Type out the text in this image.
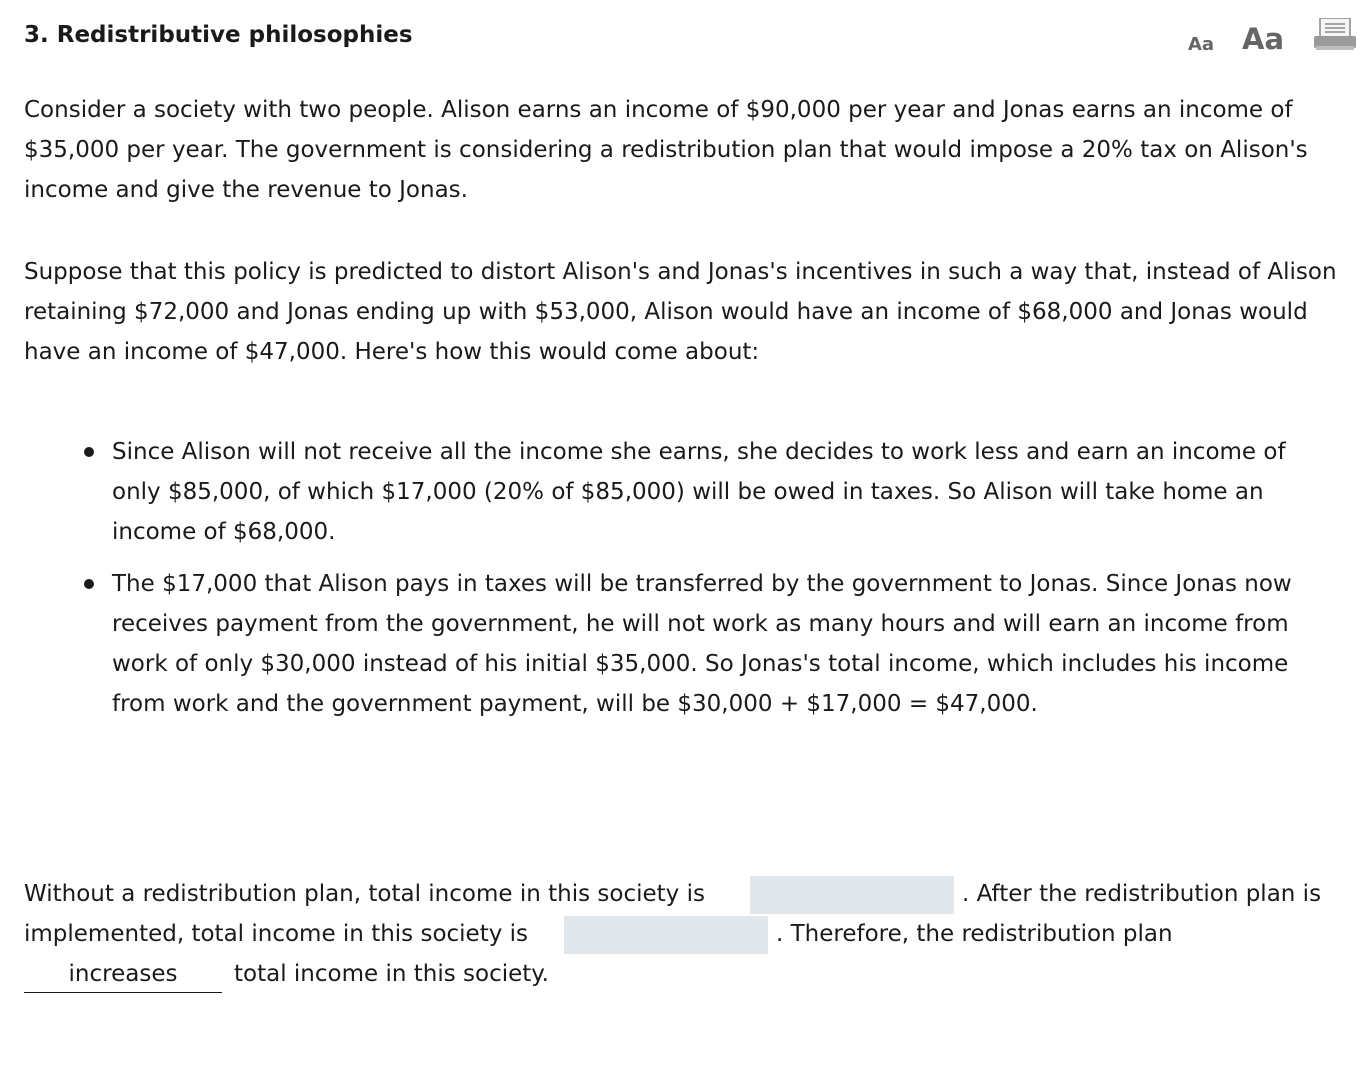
3. Redistributive philosophies	Aa Aa

Consider a society with two people. Alison earns an income of $90,000 per year and Jonas earns an income of $35,000 per year. The government is considering a redistribution plan that would impose a 20% tax on Alison's income and give the revenue to Jonas.

Suppose that this policy is predicted to distort Alison's and Jonas's incentives in such a way that, instead of Alison retaining $72,000 and Jonas ending up with $53,000, Alison would have an income of $68,000 and Jonas would have an income of $47,000. Here's how this would come about:

Since Alison will not receive all the income she earns, she decides to work less and earn an income of only $85,000, of which $17,000 (20% of $85,000) will be owed in taxes. So Alison will take home an income of $68,000.
The $17,000 that Alison pays in taxes will be transferred by the government to Jonas. Since Jonas now receives payment from the government, he will not work as many hours and will earn an income from work of only $30,000 instead of his initial $35,000. So Jonas's total income, which includes his income from work and the government payment, will be $30,000 + $17,000 = $47,000.
Without a redistribution plan, total income in this society is	. After the redistribution plan is
implemented, total income in this society is	. Therefore, the redistribution plan
increases	total income in this society.
